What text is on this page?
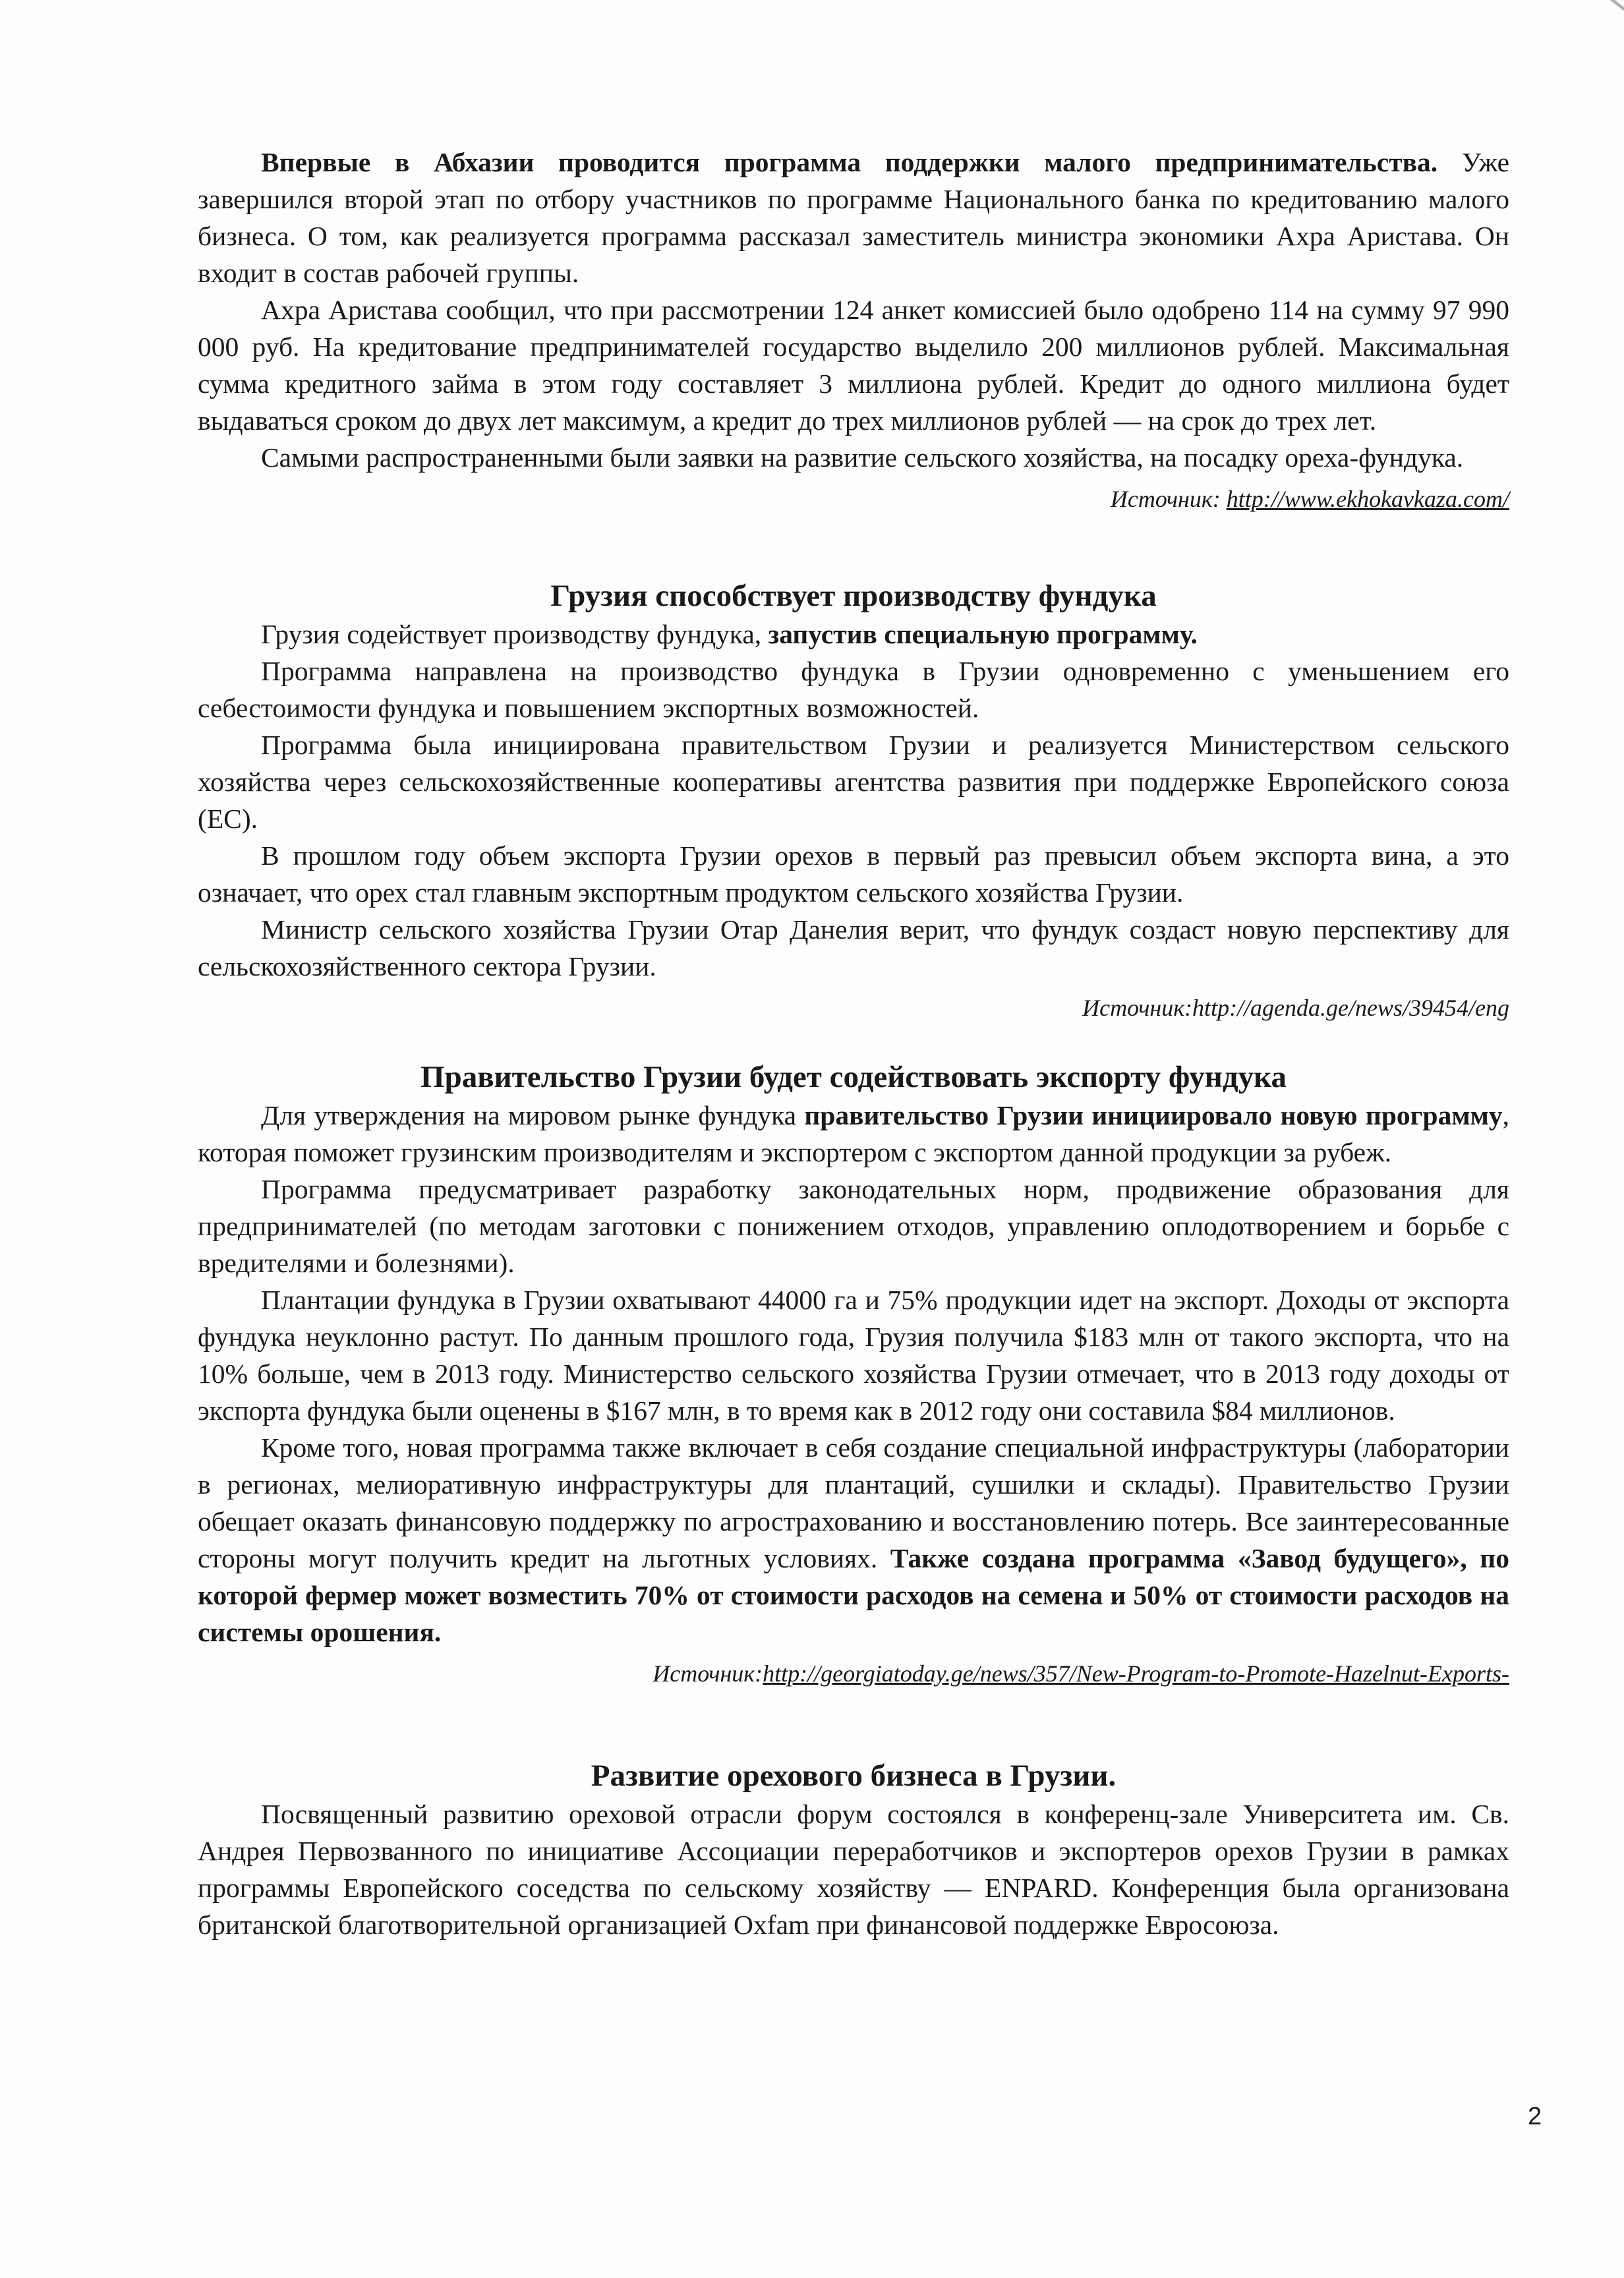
Впервые в Абхазии проводится программа поддержки малого предпринимательства. Уже завершился второй этап по отбору участников по программе Национального банка по кредитованию малого бизнеса. О том, как реализуется программа рассказал заместитель министра экономики Ахра Аристава. Он входит в состав рабочей группы.

Ахра Аристава сообщил, что при рассмотрении 124 анкет комиссией было одобрено 114 на сумму 97 990 000 руб. На кредитование предпринимателей государство выделило 200 миллионов рублей. Максимальная сумма кредитного займа в этом году составляет 3 миллиона рублей. Кредит до одного миллиона будет выдаваться сроком до двух лет максимум, а кредит до трех миллионов рублей — на срок до трех лет.

Самыми распространенными были заявки на развитие сельского хозяйства, на посадку ореха-фундука.

Источник: http://www.ekhokavkaza.com/
Грузия способствует производству фундука

Грузия содействует производству фундука, запустив специальную программу.

Программа направлена на производство фундука в Грузии одновременно с уменьшением его себестоимости фундука и повышением экспортных возможностей.

Программа была инициирована правительством Грузии и реализуется Министерством сельского хозяйства через сельскохозяйственные кооперативы агентства развития при поддержке Европейского союза (ЕС).

В прошлом году объем экспорта Грузии орехов в первый раз превысил объем экспорта вина, а это означает, что орех стал главным экспортным продуктом сельского хозяйства Грузии.

Министр сельского хозяйства Грузии Отар Данелия верит, что фундук создаст новую перспективу для сельскохозяйственного сектора Грузии.

Источник:http://agenda.ge/news/39454/eng
Правительство Грузии будет содействовать экспорту фундука

Для утверждения на мировом рынке фундука правительство Грузии инициировало новую программу, которая поможет грузинским производителям и экспортером с экспортом данной продукции за рубеж.

Программа предусматривает разработку законодательных норм, продвижение образования для предпринимателей (по методам заготовки с понижением отходов, управлению оплодотворением и борьбе с вредителями и болезнями).

Плантации фундука в Грузии охватывают 44000 га и 75% продукции идет на экспорт. Доходы от экспорта фундука неуклонно растут. По данным прошлого года, Грузия получила $183 млн от такого экспорта, что на 10% больше, чем в 2013 году. Министерство сельского хозяйства Грузии отмечает, что в 2013 году доходы от экспорта фундука были оценены в $167 млн, в то время как в 2012 году они составила $84 миллионов.

Кроме того, новая программа также включает в себя создание специальной инфраструктуры (лаборатории в регионах, мелиоративную инфраструктуры для плантаций, сушилки и склады). Правительство Грузии обещает оказать финансовую поддержку по агрострахованию и восстановлению потерь. Все заинтересованные стороны могут получить кредит на льготных условиях. Также создана программа «Завод будущего», по которой фермер может возместить 70% от стоимости расходов на семена и 50% от стоимости расходов на системы орошения.

Источник:http://georgiatoday.ge/news/357/New-Program-to-Promote-Hazelnut-Exports-
Развитие орехового бизнеса в Грузии.

Посвященный развитию ореховой отрасли форум состоялся в конференц-зале Университета им. Св. Андрея Первозванного по инициативе Ассоциации переработчиков и экспортеров орехов Грузии в рамках программы Европейского соседства по сельскому хозяйству — ENPARD. Конференция была организована британской благотворительной организацией Oxfam при финансовой поддержке Евросоюза.

2
